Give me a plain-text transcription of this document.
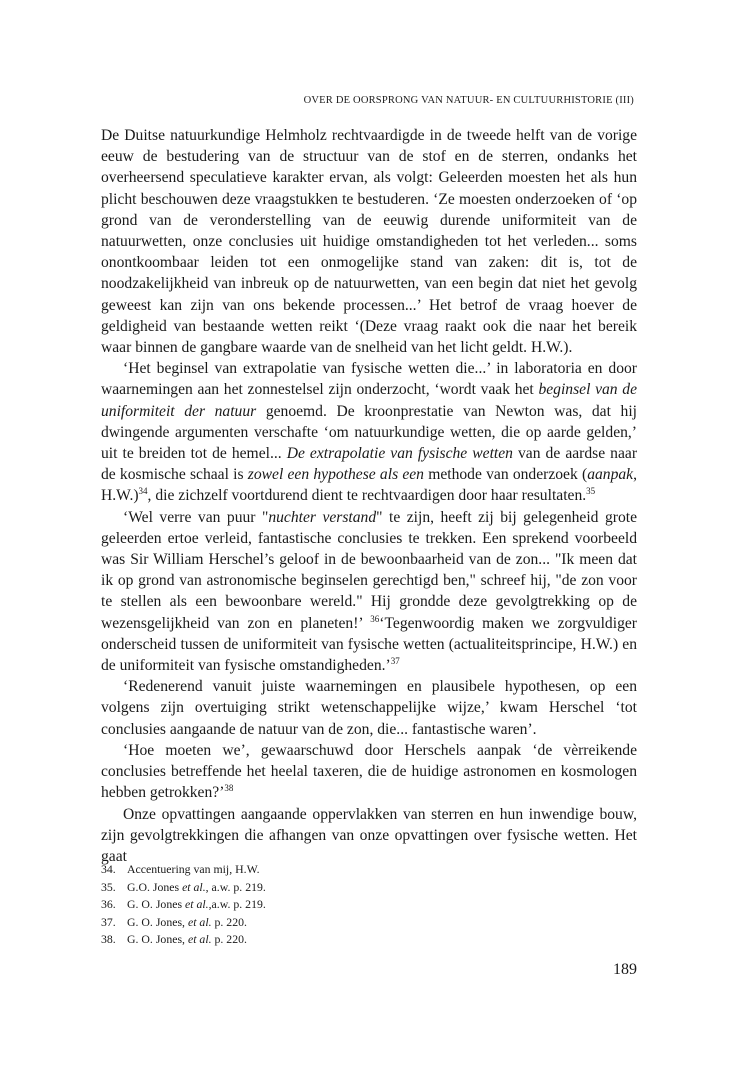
OVER DE OORSPRONG VAN NATUUR- EN CULTUURHISTORIE (III)

De Duitse natuurkundige Helmholz rechtvaardigde in de tweede helft van de vorige eeuw de bestudering van de structuur van de stof en de sterren, ondanks het overheersend speculatieve karakter ervan, als volgt: Geleerden moesten het als hun plicht beschouwen deze vraagstukken te bestuderen. ‘Ze moesten onderzoeken of ‘op grond van de veronderstelling van de eeuwig durende uniformiteit van de natuurwetten, onze conclusies uit huidige omstandigheden tot het verleden... soms onontkoombaar leiden tot een onmogelijke stand van zaken: dit is, tot de noodzakelijkheid van inbreuk op de natuurwetten, van een begin dat niet het gevolg geweest kan zijn van ons bekende processen...’ Het betrof de vraag hoever de geldigheid van bestaande wetten reikt ‘(Deze vraag raakt ook die naar het bereik waar binnen de gangbare waarde van de snelheid van het licht geldt. H.W.).

‘Het beginsel van extrapolatie van fysische wetten die...’ in laboratoria en door waarnemingen aan het zonnestelsel zijn onderzocht, ‘wordt vaak het beginsel van de uniformiteit der natuur genoemd. De kroonprestatie van Newton was, dat hij dwingende argumenten verschafte ‘om natuurkundige wetten, die op aarde gelden,’ uit te breiden tot de hemel... De extrapolatie van fysische wetten van de aardse naar de kosmische schaal is zowel een hypothese als een methode van onderzoek (aanpak, H.W.)$^{34}$, die zichzelf voortdurend dient te rechtvaardigen door haar resultaten.$^{35}$

‘Wel verre van puur "nuchter verstand" te zijn, heeft zij bij gelegenheid grote geleerden ertoe verleid, fantastische conclusies te trekken. Een sprekend voorbeeld was Sir William Herschel’s geloof in de bewoonbaarheid van de zon... "Ik meen dat ik op grond van astronomische beginselen gerechtigd ben," schreef hij, "de zon voor te stellen als een bewoonbare wereld." Hij grondde deze gevolgtrekking op de wezensgelijkheid van zon en planeten!’ $^{36}$‘Tegenwoordig maken we zorgvuldiger onderscheid tussen de uniformiteit van fysische wetten (actualiteitsprincipe, H.W.) en de uniformiteit van fysische omstandigheden.’$^{37}$

‘Redenerend vanuit juiste waarnemingen en plausibele hypothesen, op een volgens zijn overtuiging strikt wetenschappelijke wijze,’ kwam Herschel ‘tot conclusies aangaande de natuur van de zon, die... fantastische waren’.

‘Hoe moeten we’, gewaarschuwd door Herschels aanpak ‘de vèrreikende conclusies betreffende het heelal taxeren, die de huidige astronomen en kosmologen hebben getrokken?’$^{38}$

Onze opvattingen aangaande oppervlakken van sterren en hun inwendige bouw, zijn gevolgtrekkingen die afhangen van onze opvattingen over fysische wetten. Het gaat

34. Accentuering van mij, H.W.
35. G.O. Jones et al., a.w. p. 219.
36. G. O. Jones et al.,a.w. p. 219.
37. G. O. Jones, et al. p. 220.
38. G. O. Jones, et al. p. 220.
189
